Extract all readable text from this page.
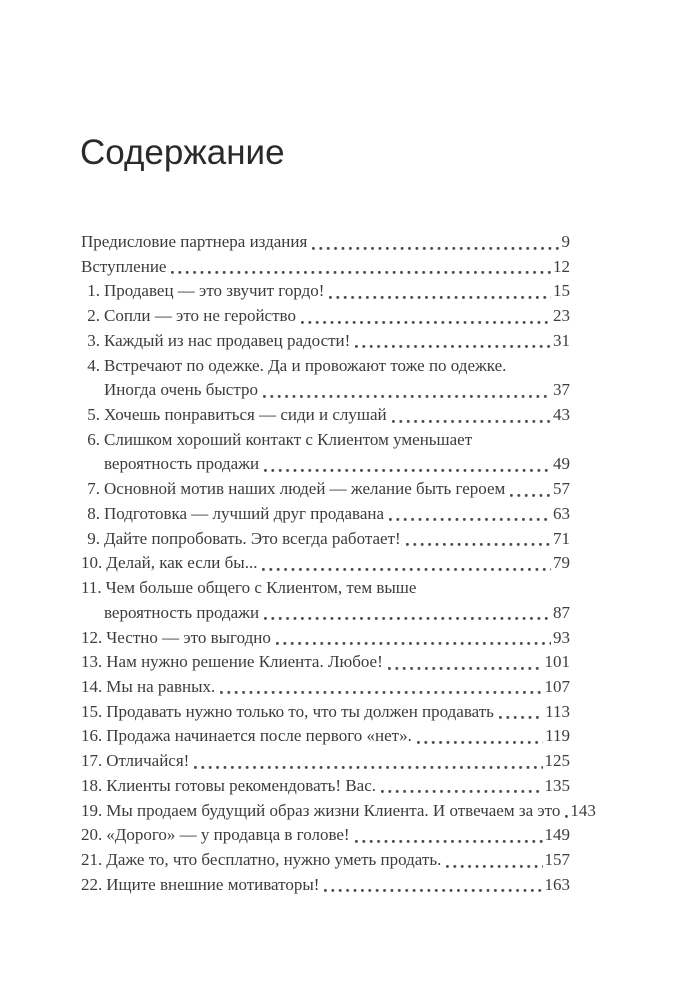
Содержание
Предисловие партнера издания	9
Вступление	12
1. Продавец — это звучит гордо!	15
2. Сопли — это не геройство	23
3. Каждый из нас продавец радости!	31
4. Встречают по одежке. Да и провожают тоже по одежке.
Иногда очень быстро	37
5. Хочешь понравиться — сиди и слушай	43
6. Слишком хороший контакт с Клиентом уменьшает
вероятность продажи	49
7. Основной мотив наших людей — желание быть героем	57
8. Подготовка — лучший друг продавана	63
9. Дайте попробовать. Это всегда работает!	71
10. Делай, как если бы...	79
11. Чем больше общего с Клиентом, тем выше
вероятность продажи	87
12. Честно — это выгодно	93
13. Нам нужно решение Клиента. Любое!	101
14. Мы на равных.	107
15. Продавать нужно только то, что ты должен продавать	113
16. Продажа начинается после первого «нет».	119
17. Отличайся!	125
18. Клиенты готовы рекомендовать! Вас.	135
19. Мы продаем будущий образ жизни Клиента. И отвечаем за это 143
20. «Дорого» — у продавца в голове!	149
21. Даже то, что бесплатно, нужно уметь продать.	157
22. Ищите внешние мотиваторы!	163
